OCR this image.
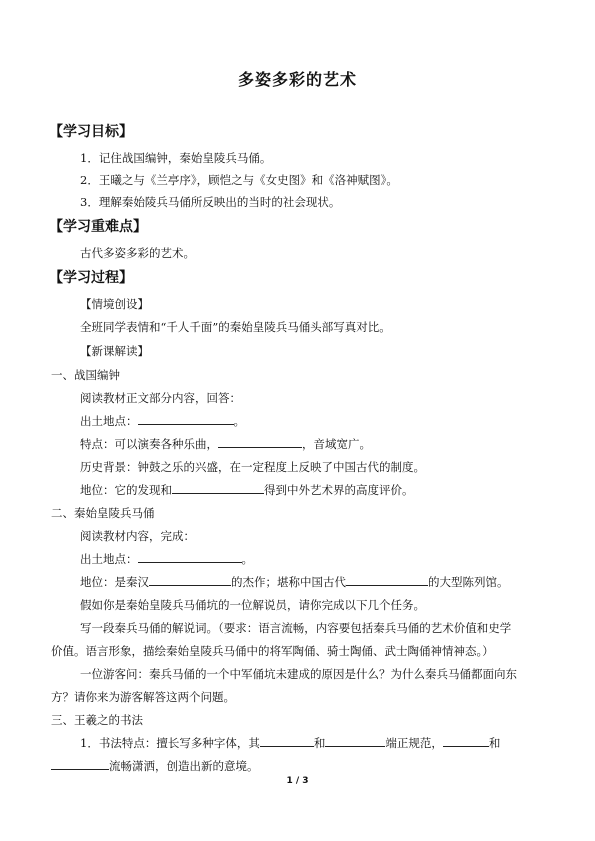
多姿多彩的艺术
【学习目标】
1．记住战国编钟，秦始皇陵兵马俑。
2．王曦之与《兰亭序》，顾恺之与《女史图》和《洛神赋图》。
3．理解秦始陵兵马俑所反映出的当时的社会现状。
【学习重难点】
古代多姿多彩的艺术。
【学习过程】
【情境创设】
全班同学表情和“千人千面”的秦始皇陵兵马俑头部写真对比。
【新课解读】
一、战国编钟
阅读教材正文部分内容，回答：
出土地点：	。
特点：可以演奏各种乐曲，	，音域宽广。
历史背景：钟鼓之乐的兴盛，在一定程度上反映了中国古代的制度。
地位：它的发现和	得到中外艺术界的高度评价。
二、秦始皇陵兵马俑
阅读教材内容，完成：
出土地点：	。
地位：是秦汉	的杰作；堪称中国古代	的大型陈列馆。
假如你是秦始皇陵兵马俑坑的一位解说员，请你完成以下几个任务。
写一段秦兵马俑的解说词。（要求：语言流畅，内容要包括秦兵马俑的艺术价值和史学
价值。语言形象，描绘秦始皇陵兵马俑中的将军陶俑、骑士陶俑、武士陶俑神情神态。）
一位游客问：秦兵马俑的一个中军俑坑未建成的原因是什么？为什么秦兵马俑都面向东
方？请你来为游客解答这两个问题。
三、王羲之的书法
1．书法特点：擅长写多种字体，其	和	端正规范，	和
流畅潇洒，创造出新的意境。
1 / 3
